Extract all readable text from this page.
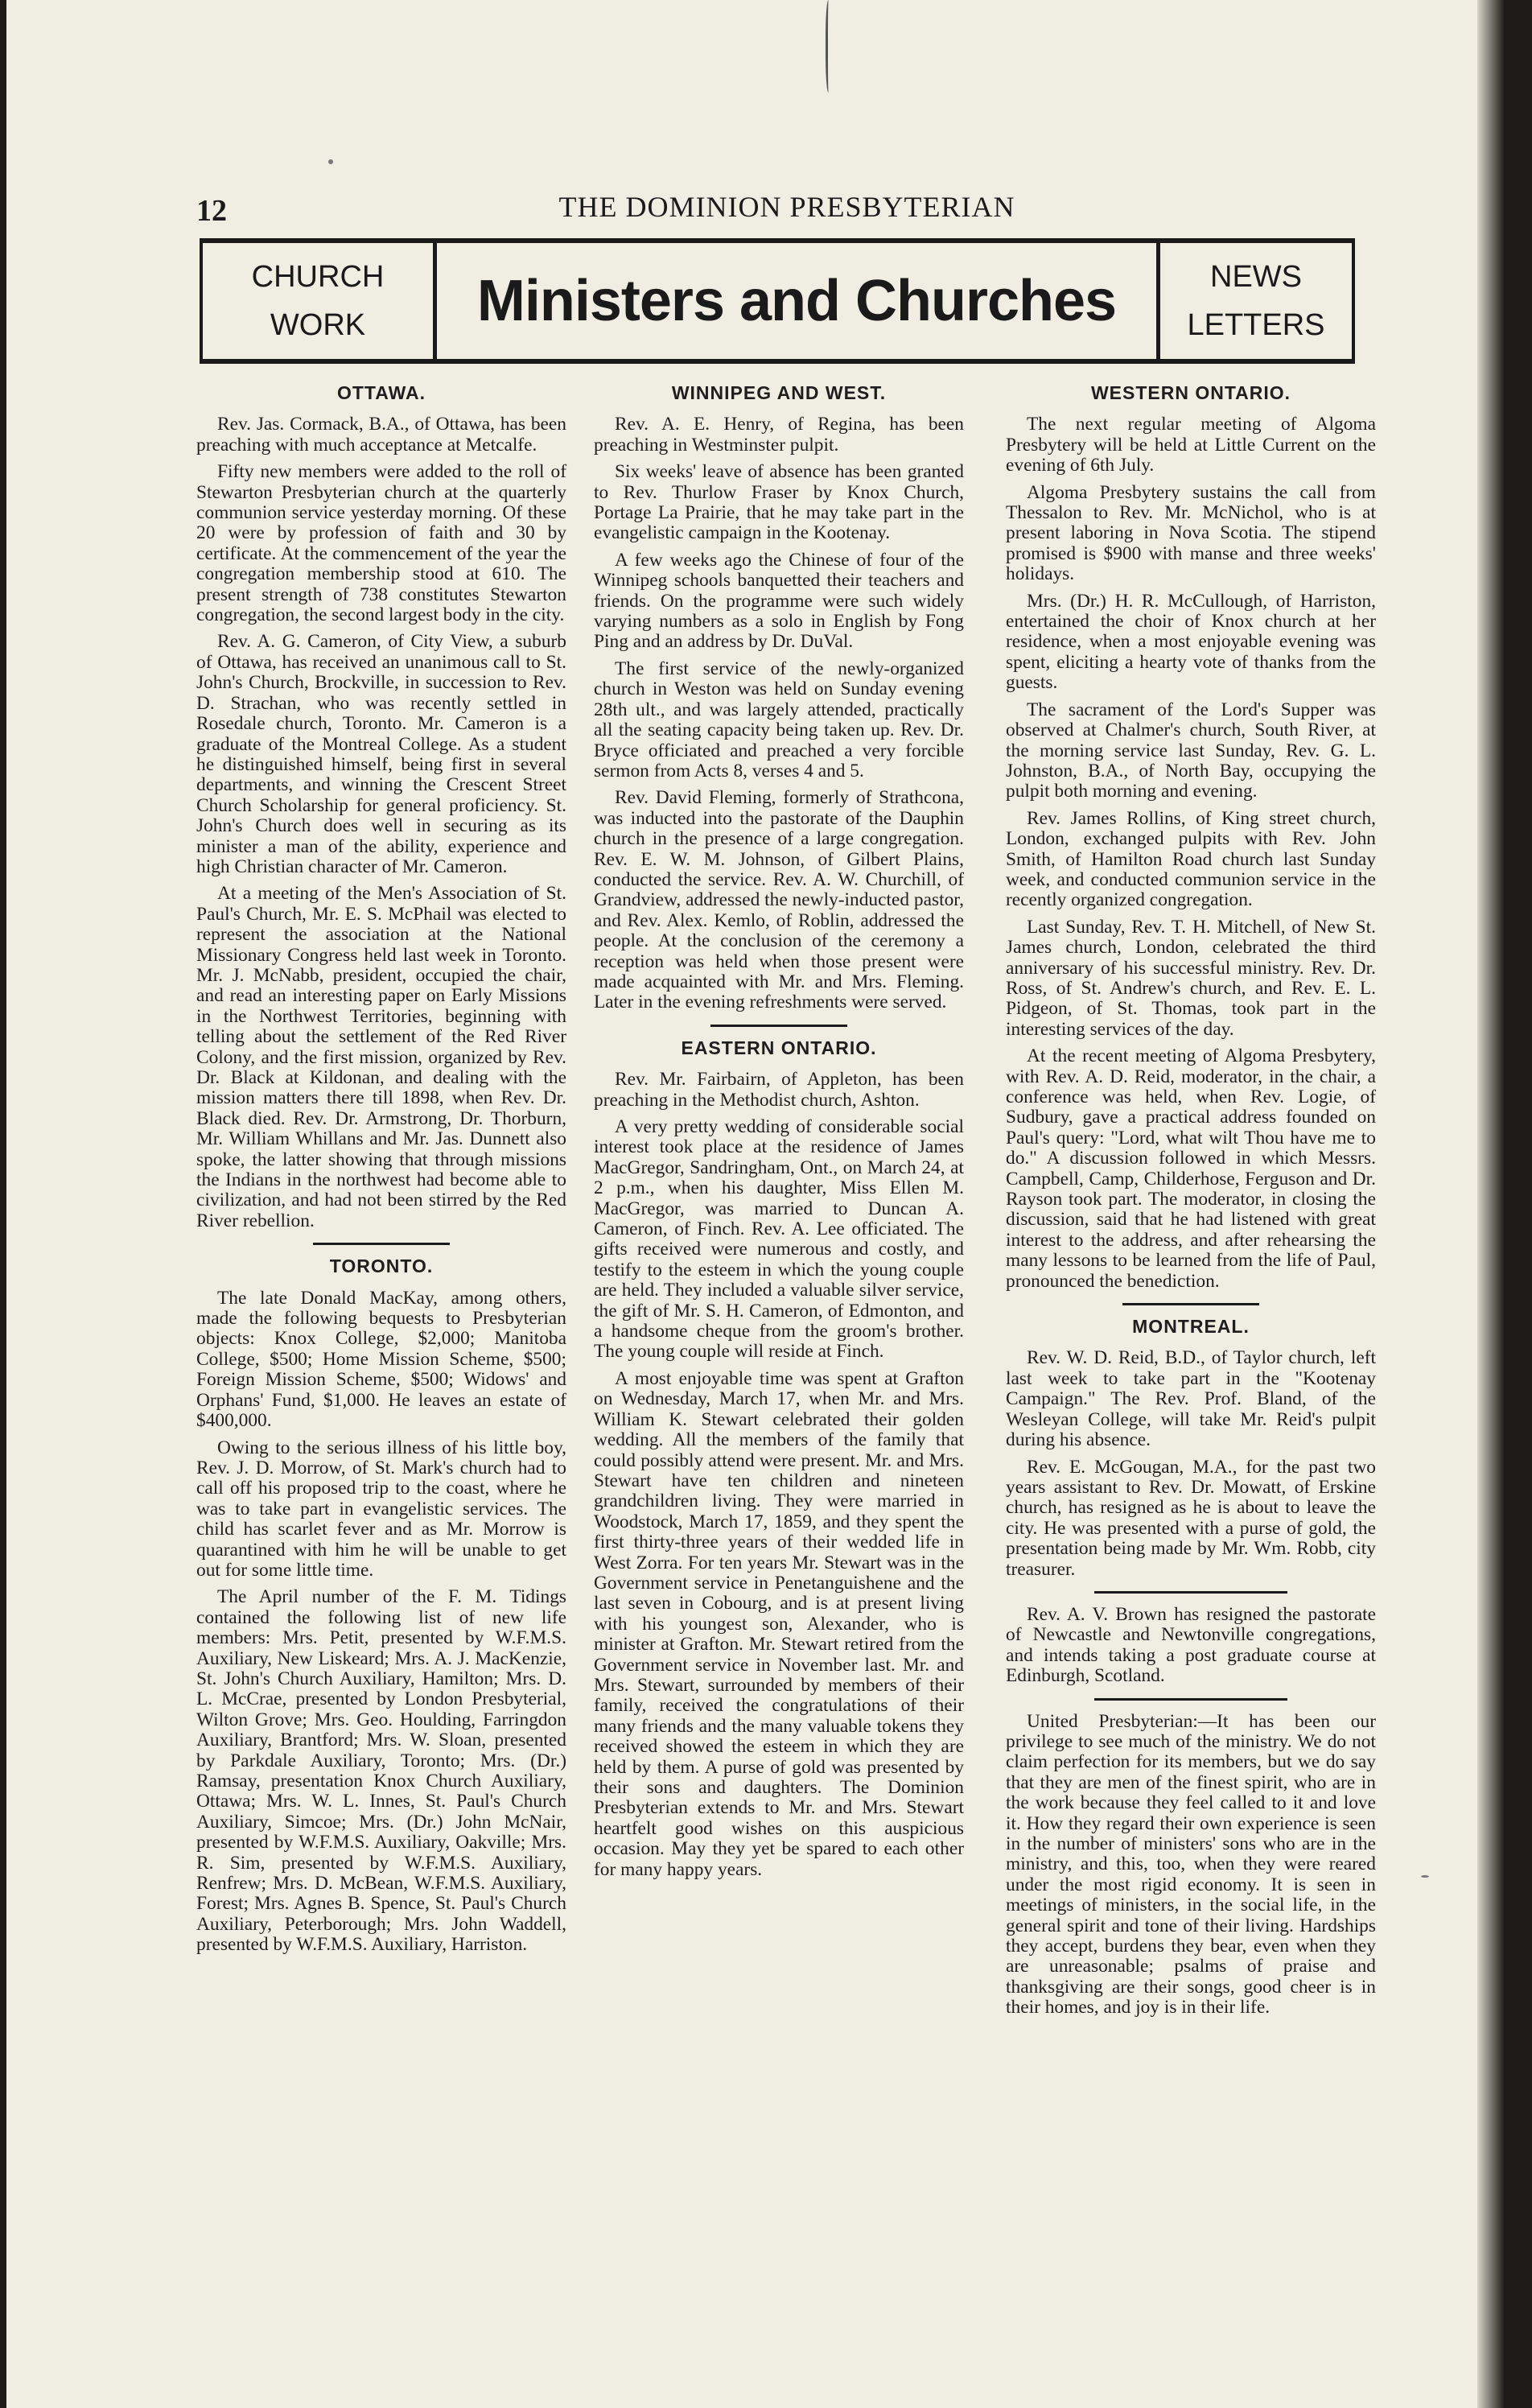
12	THE DOMINION PRESBYTERIAN
CHURCH
WORK	Ministers and Churches	NEWS
LETTERS
OTTAWA.

Rev. Jas. Cormack, B.A., of Ottawa, has been preaching with much acceptance at Metcalfe.

Fifty new members were added to the roll of Stewarton Presbyterian church at the quarterly communion service yesterday morning. Of these 20 were by profession of faith and 30 by certificate. At the commencement of the year the congregation membership stood at 610. The present strength of 738 constitutes Stewarton congregation, the second largest body in the city.

Rev. A. G. Cameron, of City View, a suburb of Ottawa, has received an unanimous call to St. John's Church, Brockville, in succession to Rev. D. Strachan, who was recently settled in Rosedale church, Toronto. Mr. Cameron is a graduate of the Montreal College. As a student he distinguished himself, being first in several departments, and winning the Crescent Street Church Scholarship for general proficiency. St. John's Church does well in securing as its minister a man of the ability, experience and high Christian character of Mr. Cameron.

At a meeting of the Men's Association of St. Paul's Church, Mr. E. S. McPhail was elected to represent the association at the National Missionary Congress held last week in Toronto. Mr. J. McNabb, president, occupied the chair, and read an interesting paper on Early Missions in the Northwest Territories, beginning with telling about the settlement of the Red River Colony, and the first mission, organized by Rev. Dr. Black at Kildonan, and dealing with the mission matters there till 1898, when Rev. Dr. Black died. Rev. Dr. Armstrong, Dr. Thorburn, Mr. William Whillans and Mr. Jas. Dunnett also spoke, the latter showing that through missions the Indians in the northwest had become able to civilization, and had not been stirred by the Red River rebellion.

TORONTO.

The late Donald MacKay, among others, made the following bequests to Presbyterian objects: Knox College, $2,000; Manitoba College, $500; Home Mission Scheme, $500; Foreign Mission Scheme, $500; Widows' and Orphans' Fund, $1,000. He leaves an estate of $400,000.

Owing to the serious illness of his little boy, Rev. J. D. Morrow, of St. Mark's church had to call off his proposed trip to the coast, where he was to take part in evangelistic services. The child has scarlet fever and as Mr. Morrow is quarantined with him he will be unable to get out for some little time.

The April number of the F. M. Tidings contained the following list of new life members: Mrs. Petit, presented by W.F.M.S. Auxiliary, New Liskeard; Mrs. A. J. MacKenzie, St. John's Church Auxiliary, Hamilton; Mrs. D. L. McCrae, presented by London Presbyterial, Wilton Grove; Mrs. Geo. Houlding, Farringdon Auxiliary, Brantford; Mrs. W. Sloan, presented by Parkdale Auxiliary, Toronto; Mrs. (Dr.) Ramsay, presentation Knox Church Auxiliary, Ottawa; Mrs. W. L. Innes, St. Paul's Church Auxiliary, Simcoe; Mrs. (Dr.) John McNair, presented by W.F.M.S. Auxiliary, Oakville; Mrs. R. Sim, presented by W.F.M.S. Auxiliary, Renfrew; Mrs. D. McBean, W.F.M.S. Auxiliary, Forest; Mrs. Agnes B. Spence, St. Paul's Church Auxiliary, Peterborough; Mrs. John Waddell, presented by W.F.M.S. Auxiliary, Harriston.

WINNIPEG AND WEST.

Rev. A. E. Henry, of Regina, has been preaching in Westminster pulpit.

Six weeks' leave of absence has been granted to Rev. Thurlow Fraser by Knox Church, Portage La Prairie, that he may take part in the evangelistic campaign in the Kootenay.

A few weeks ago the Chinese of four of the Winnipeg schools banquetted their teachers and friends. On the programme were such widely varying numbers as a solo in English by Fong Ping and an address by Dr. DuVal.

The first service of the newly-organized church in Weston was held on Sunday evening 28th ult., and was largely attended, practically all the seating capacity being taken up. Rev. Dr. Bryce officiated and preached a very forcible sermon from Acts 8, verses 4 and 5.

Rev. David Fleming, formerly of Strathcona, was inducted into the pastorate of the Dauphin church in the presence of a large congregation. Rev. E. W. M. Johnson, of Gilbert Plains, conducted the service. Rev. A. W. Churchill, of Grandview, addressed the newly-inducted pastor, and Rev. Alex. Kemlo, of Roblin, addressed the people. At the conclusion of the ceremony a reception was held when those present were made acquainted with Mr. and Mrs. Fleming. Later in the evening refreshments were served.

EASTERN ONTARIO.

Rev. Mr. Fairbairn, of Appleton, has been preaching in the Methodist church, Ashton.

A very pretty wedding of considerable social interest took place at the residence of James MacGregor, Sandringham, Ont., on March 24, at 2 p.m., when his daughter, Miss Ellen M. MacGregor, was married to Duncan A. Cameron, of Finch. Rev. A. Lee officiated. The gifts received were numerous and costly, and testify to the esteem in which the young couple are held. They included a valuable silver service, the gift of Mr. S. H. Cameron, of Edmonton, and a handsome cheque from the groom's brother. The young couple will reside at Finch.

A most enjoyable time was spent at Grafton on Wednesday, March 17, when Mr. and Mrs. William K. Stewart celebrated their golden wedding. All the members of the family that could possibly attend were present. Mr. and Mrs. Stewart have ten children and nineteen grandchildren living. They were married in Woodstock, March 17, 1859, and they spent the first thirty-three years of their wedded life in West Zorra. For ten years Mr. Stewart was in the Government service in Penetanguishene and the last seven in Cobourg, and is at present living with his youngest son, Alexander, who is minister at Grafton. Mr. Stewart retired from the Government service in November last. Mr. and Mrs. Stewart, surrounded by members of their family, received the congratulations of their many friends and the many valuable tokens they received showed the esteem in which they are held by them. A purse of gold was presented by their sons and daughters. The Dominion Presbyterian extends to Mr. and Mrs. Stewart heartfelt good wishes on this auspicious occasion. May they yet be spared to each other for many happy years.

WESTERN ONTARIO.

The next regular meeting of Algoma Presbytery will be held at Little Current on the evening of 6th July.

Algoma Presbytery sustains the call from Thessalon to Rev. Mr. McNichol, who is at present laboring in Nova Scotia. The stipend promised is $900 with manse and three weeks' holidays.

Mrs. (Dr.) H. R. McCullough, of Harriston, entertained the choir of Knox church at her residence, when a most enjoyable evening was spent, eliciting a hearty vote of thanks from the guests.

The sacrament of the Lord's Supper was observed at Chalmer's church, South River, at the morning service last Sunday, Rev. G. L. Johnston, B.A., of North Bay, occupying the pulpit both morning and evening.

Rev. James Rollins, of King street church, London, exchanged pulpits with Rev. John Smith, of Hamilton Road church last Sunday week, and conducted communion service in the recently organized congregation.

Last Sunday, Rev. T. H. Mitchell, of New St. James church, London, celebrated the third anniversary of his successful ministry. Rev. Dr. Ross, of St. Andrew's church, and Rev. E. L. Pidgeon, of St. Thomas, took part in the interesting services of the day.

At the recent meeting of Algoma Presbytery, with Rev. A. D. Reid, moderator, in the chair, a conference was held, when Rev. Logie, of Sudbury, gave a practical address founded on Paul's query: "Lord, what wilt Thou have me to do." A discussion followed in which Messrs. Campbell, Camp, Childerhose, Ferguson and Dr. Rayson took part. The moderator, in closing the discussion, said that he had listened with great interest to the address, and after rehearsing the many lessons to be learned from the life of Paul, pronounced the benediction.

MONTREAL.

Rev. W. D. Reid, B.D., of Taylor church, left last week to take part in the "Kootenay Campaign." The Rev. Prof. Bland, of the Wesleyan College, will take Mr. Reid's pulpit during his absence.

Rev. E. McGougan, M.A., for the past two years assistant to Rev. Dr. Mowatt, of Erskine church, has resigned as he is about to leave the city. He was presented with a purse of gold, the presentation being made by Mr. Wm. Robb, city treasurer.

Rev. A. V. Brown has resigned the pastorate of Newcastle and Newtonville congregations, and intends taking a post graduate course at Edinburgh, Scotland.

United Presbyterian:—It has been our privilege to see much of the ministry. We do not claim perfection for its members, but we do say that they are men of the finest spirit, who are in the work because they feel called to it and love it. How they regard their own experience is seen in the number of ministers' sons who are in the ministry, and this, too, when they were reared under the most rigid economy. It is seen in meetings of ministers, in the social life, in the general spirit and tone of their living. Hardships they accept, burdens they bear, even when they are unreasonable; psalms of praise and thanksgiving are their songs, good cheer is in their homes, and joy is in their life.
